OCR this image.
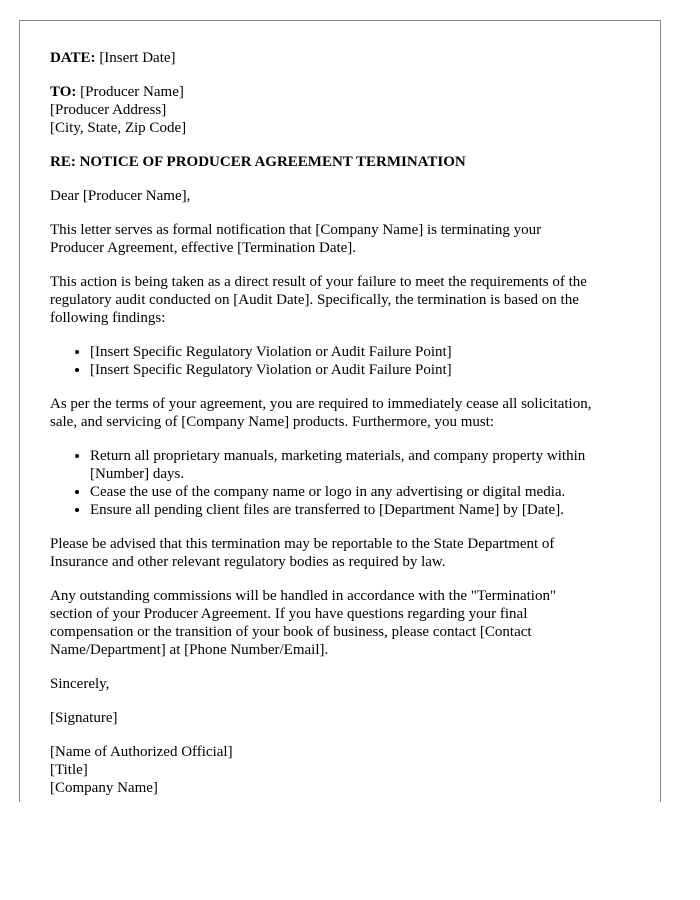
DATE: [Insert Date]
TO: [Producer Name]
[Producer Address]
[City, State, Zip Code]
RE: NOTICE OF PRODUCER AGREEMENT TERMINATION
Dear [Producer Name],
This letter serves as formal notification that [Company Name] is terminating your
Producer Agreement, effective [Termination Date].
This action is being taken as a direct result of your failure to meet the requirements of the
regulatory audit conducted on [Audit Date]. Specifically, the termination is based on the
following findings:
• [Insert Specific Regulatory Violation or Audit Failure Point]
• [Insert Specific Regulatory Violation or Audit Failure Point]
As per the terms of your agreement, you are required to immediately cease all solicitation,
sale, and servicing of [Company Name] products. Furthermore, you must:
• Return all proprietary manuals, marketing materials, and company property within
[Number] days.
• Cease the use of the company name or logo in any advertising or digital media.
• Ensure all pending client files are transferred to [Department Name] by [Date].
Please be advised that this termination may be reportable to the State Department of
Insurance and other relevant regulatory bodies as required by law.
Any outstanding commissions will be handled in accordance with the "Termination"
section of your Producer Agreement. If you have questions regarding your final
compensation or the transition of your book of business, please contact [Contact
Name/Department] at [Phone Number/Email].
Sincerely,
[Signature]
[Name of Authorized Official]
[Title]
[Company Name]
